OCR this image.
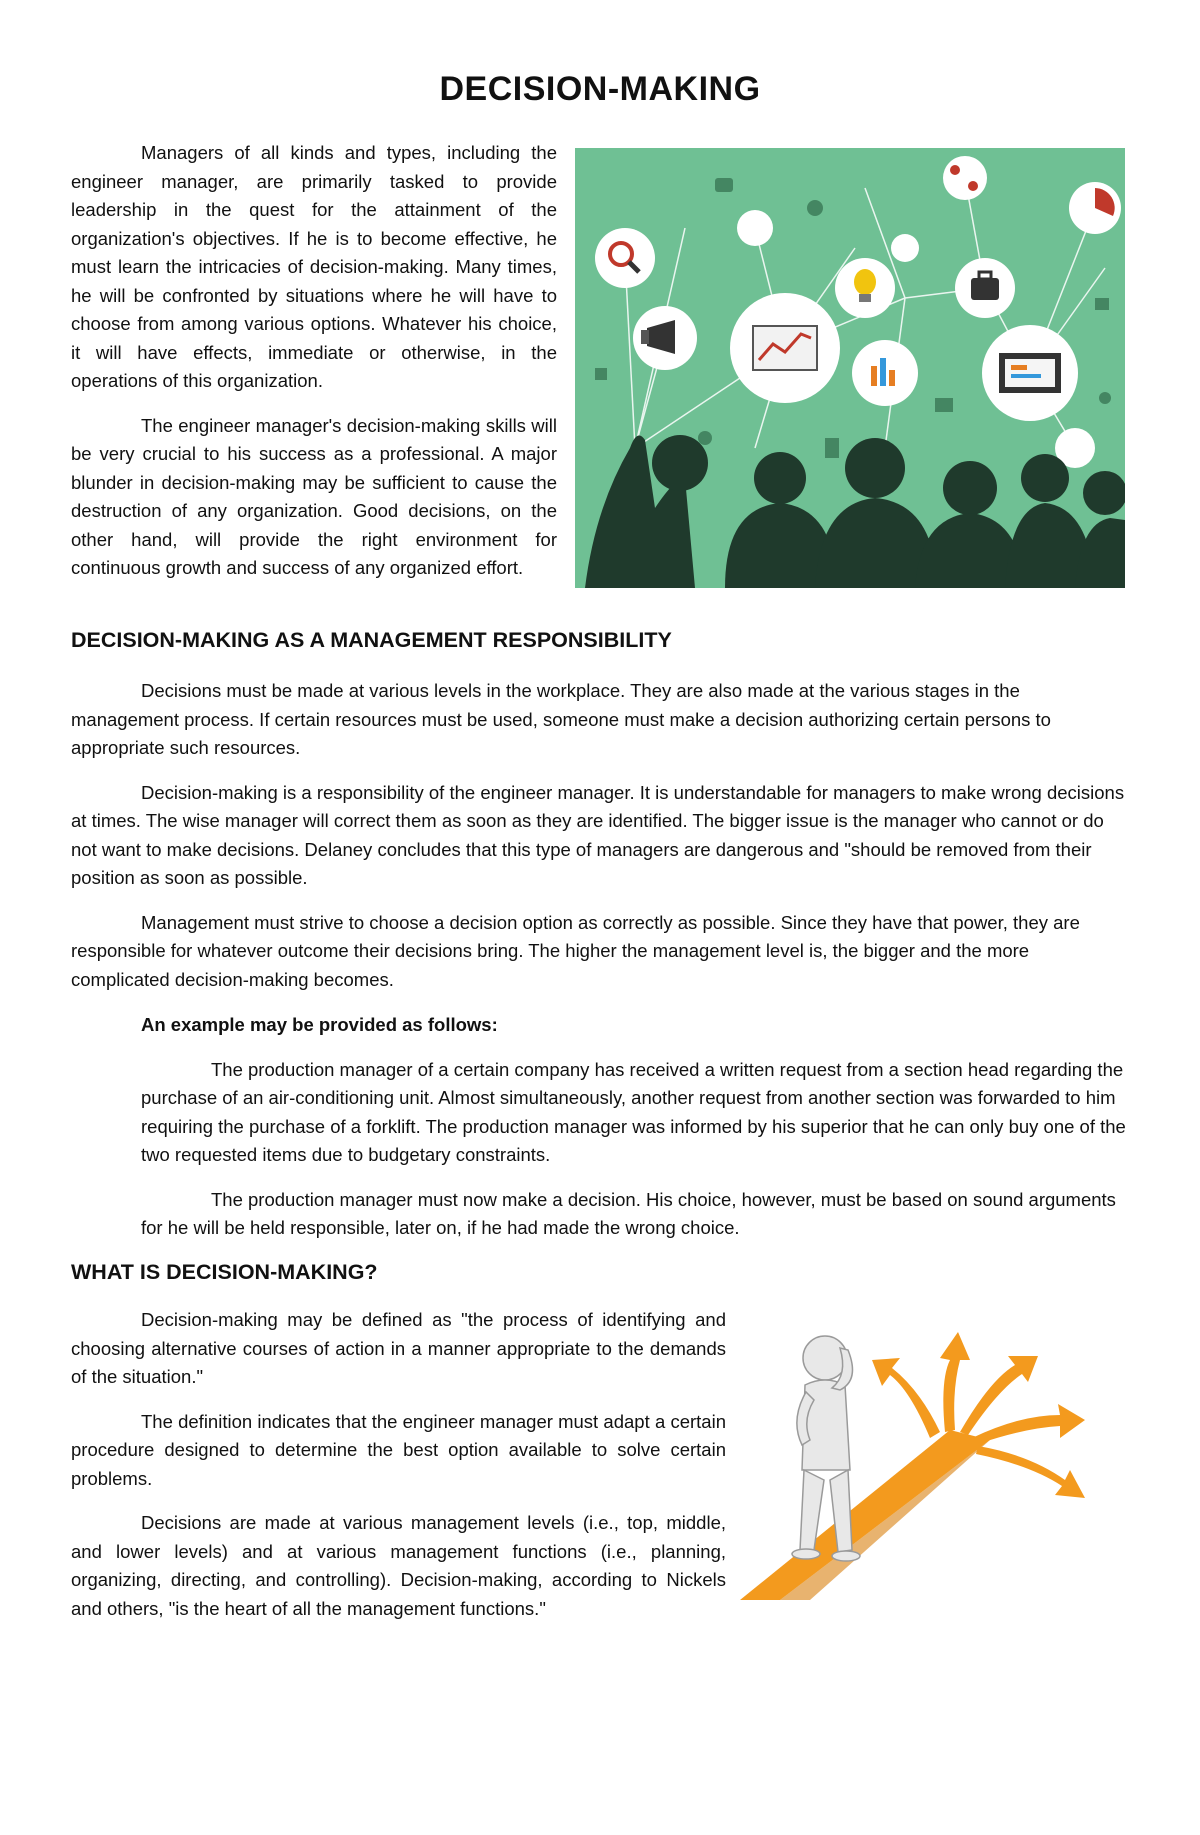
DECISION-MAKING

Managers of all kinds and types, including the engineer manager, are primarily tasked to provide leadership in the quest for the attainment of the organization's objectives. If he is to become effective, he must learn the intricacies of decision-making. Many times, he will be confronted by situations where he will have to choose from among various options. Whatever his choice, it will have effects, immediate or otherwise, in the operations of this organization.

The engineer manager's decision-making skills will be very crucial to his success as a professional. A major blunder in decision-making may be sufficient to cause the destruction of any organization. Good decisions, on the other hand, will provide the right environment for continuous growth and success of any organized effort.

DECISION-MAKING AS A MANAGEMENT RESPONSIBILITY

Decisions must be made at various levels in the workplace. They are also made at the various stages in the management process. If certain resources must be used, someone must make a decision authorizing certain persons to appropriate such resources.

Decision-making is a responsibility of the engineer manager. It is understandable for managers to make wrong decisions at times. The wise manager will correct them as soon as they are identified. The bigger issue is the manager who cannot or do not want to make decisions. Delaney concludes that this type of managers are dangerous and "should be removed from their position as soon as possible.

Management must strive to choose a decision option as correctly as possible. Since they have that power, they are responsible for whatever outcome their decisions bring. The higher the management level is, the bigger and the more complicated decision-making becomes.

An example may be provided as follows:

The production manager of a certain company has received a written request from a section head regarding the purchase of an air-conditioning unit. Almost simultaneously, another request from another section was forwarded to him requiring the purchase of a forklift. The production manager was informed by his superior that he can only buy one of the two requested items due to budgetary constraints.

The production manager must now make a decision. His choice, however, must be based on sound arguments for he will be held responsible, later on, if he had made the wrong choice.

WHAT IS DECISION-MAKING?

Decision-making may be defined as "the process of identifying and choosing alternative courses of action in a manner appropriate to the demands of the situation."

The definition indicates that the engineer manager must adapt a certain procedure designed to determine the best option available to solve certain problems.

Decisions are made at various management levels (i.e., top, middle, and lower levels) and at various management functions (i.e., planning, organizing, directing, and controlling). Decision-making, according to Nickels and others, "is the heart of all the management functions."
